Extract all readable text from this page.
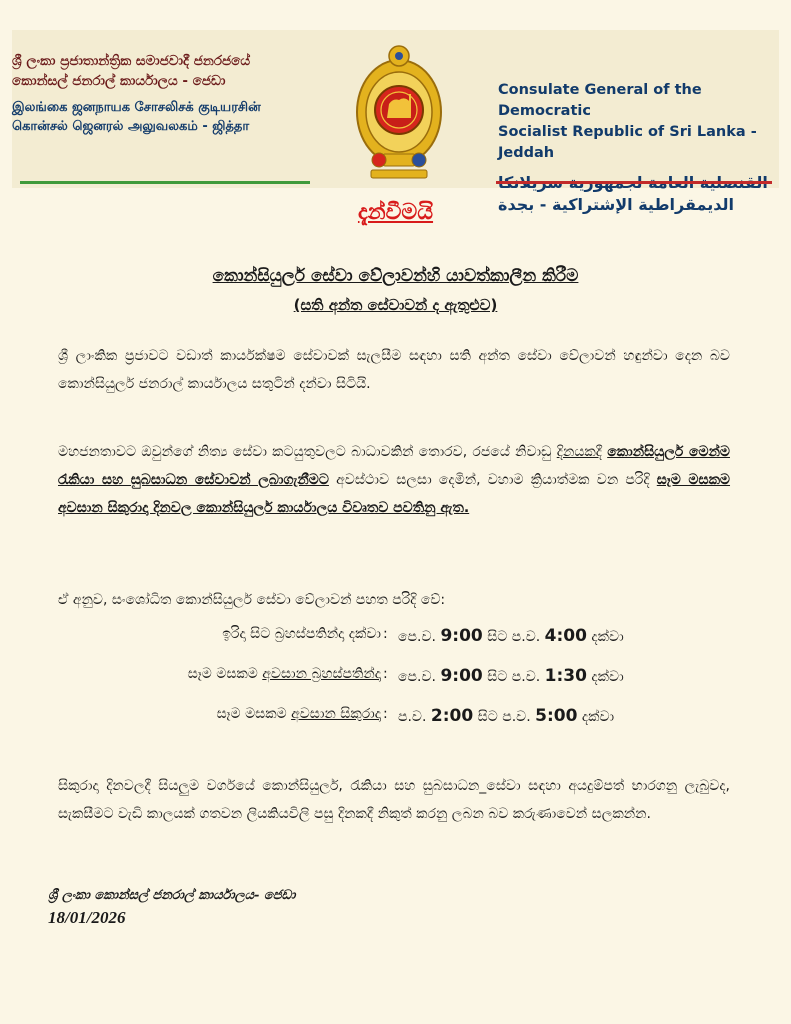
ශ්‍රී ලංකා ප්‍රජාතාන්ත්‍රික සමාජවාදී ජනරජයේ
කොන්සල් ජනරාල් කාර්යාලය - ජෙඩා
இலங்கை ஜனநாயக சோசலிசக் குடியரசின்
கொன்சல் ஜெனரல் அலுவலகம் - ஜித்தா
Consulate General of the Democratic
Socialist Republic of Sri Lanka - Jeddah
الديمقراطية الإشتراكية - بجدة
දැන්වීමයි
කොන්සියුලර් සේවා වේලාවන්හි යාවත්කාලීන කිරීම
(සති අන්ත සේවාවන් ද ඇතුළුව)
ශ්‍රී ලාංකික ප්‍රජාවට වඩාත් කාර්යක්ෂම සේවාවක් සැලසීම සඳහා සති අන්ත සේවා වේලාවන් හඳුන්වා දෙන බව කොන්සියුලර් ජනරාල් කාර්යාලය සතුටින් දන්වා සිටියි.
මහජනතාවට ඔවුන්ගේ නිත්‍ය සේවා කටයුතුවලට බාධාවකින් තොරව, රජයේ නිවාඩු දිනයකදී කොන්සියුලර් මෙන්ම රැකියා සහ සුබසාධන සේවාවන් ලබාගැනීමට අවස්ථාව සලසා දෙමින්, වහාම ක්‍රියාත්මක වන පරිදි සෑම මසකම අවසාන සිකුරාදා දිනවල කොන්සියුලර් කාර්යාලය විවෘතව පවතිනු ඇත.
ඒ අනුව, සංශෝධිත කොන්සියුලර් සේවා වේලාවන් පහත පරිදි වේ:
ඉරිදා සිට බ්‍රහස්පතින්දා දක්වා : පෙ.ව. 9:00 සිට ප.ව. 4:00 දක්වා
සෑම මසකම අවසාන බ්‍රහස්පතින්දා : පෙ.ව. 9:00 සිට ප.ව. 1:30 දක්වා
සෑම මසකම අවසාන සිකුරාදා : ප.ව. 2:00 සිට ප.ව. 5:00 දක්වා
සිකුරාදා දිනවලදී සියලුම වර්ගයේ කොන්සියුලර්, රැකියා සහ සුබසාධන_සේවා සඳහා අයදුම්පත් භාරගනු ලැබුවද, සැකසීමට වැඩි කාලයක් ගතවන ලියකියවිලි පසු දිනකදී නිකුත් කරනු ලබන බව කරුණාවෙන් සලකන්න.
ශ්‍රී ලංකා කොන්සල් ජනරාල් කාර්යාලය- ජෙඩා
18/01/2026
